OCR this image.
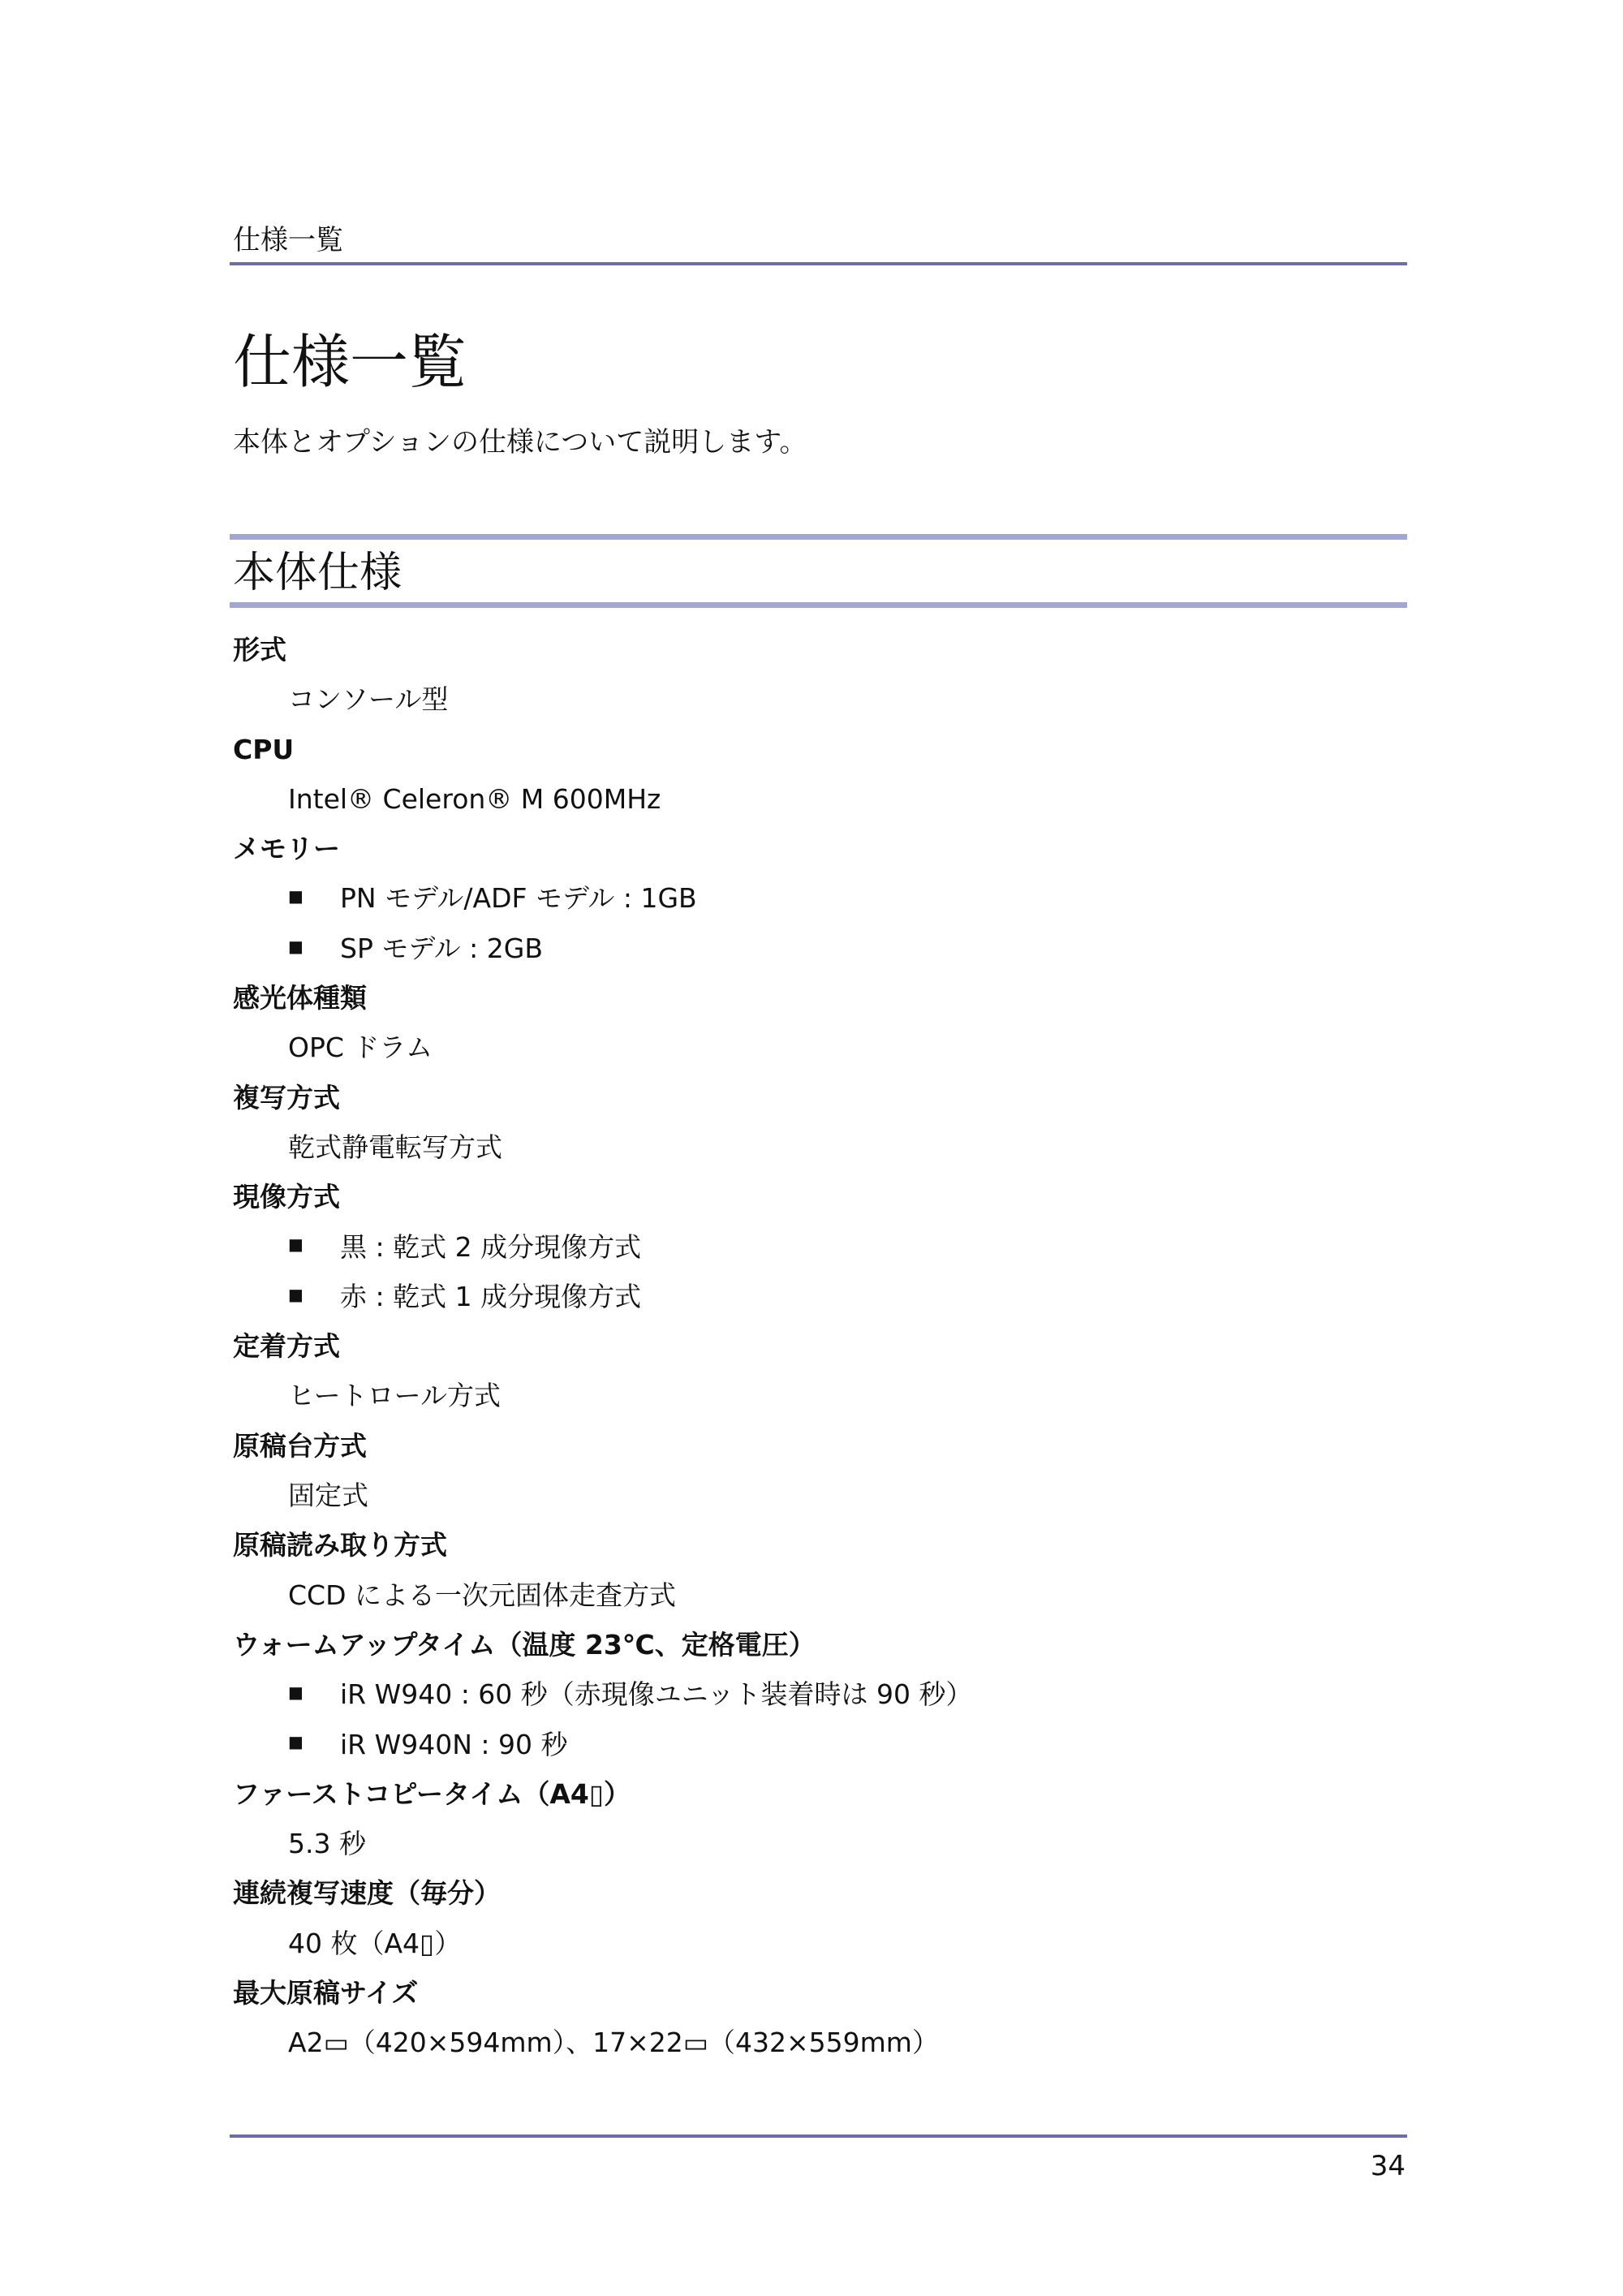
仕様一覧
仕様一覧
本体とオプションの仕様について説明します。
本体仕様
形式
コンソール型
CPU
Intel® Celeron® M 600MHz
メモリー
■ PN モデル/ADF モデル : 1GB
■ SP モデル : 2GB
感光体種類
OPC ドラム
複写方式
乾式静電転写方式
現像方式
■ 黒 : 乾式 2 成分現像方式
■ 赤 : 乾式 1 成分現像方式
定着方式
ヒートロール方式
原稿台方式
固定式
原稿読み取り方式
CCD による一次元固体走査方式
ウォームアップタイム（温度 23℃、定格電圧）
■ iR W940 : 60 秒（赤現像ユニット装着時は 90 秒）
■ iR W940N : 90 秒
ファーストコピータイム（A4▯）
5.3 秒
連続複写速度（毎分）
40 枚（A4▯）
最大原稿サイズ
A2▭（420×594mm）、17×22▭（432×559mm）
34
